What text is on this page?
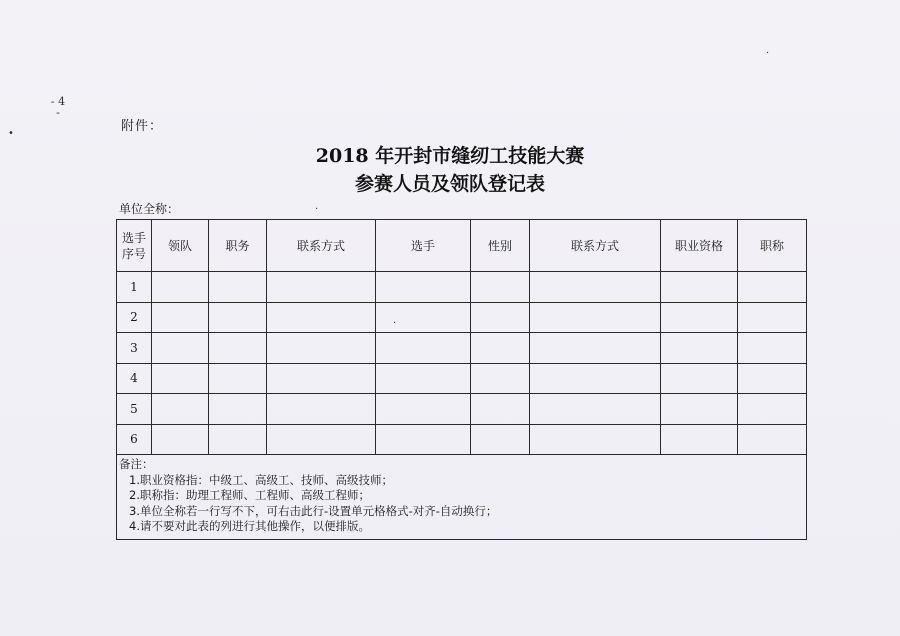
- 4 -
附件：
2018 年开封市缝纫工技能大赛
参赛人员及领队登记表
单位全称：
选手序号	领队	职务	联系方式	选手	性别	联系方式	职业资格	职称
1								
2								
3								
4								
5								
6								

备注：
1.职业资格指：中级工、高级工、技师、高级技师；
2.职称指：助理工程师、工程师、高级工程师；
3.单位全称若一行写不下，可右击此行-设置单元格格式-对齐-自动换行；
4.请不要对此表的列进行其他操作，以便排版。								
•
·
·
·
